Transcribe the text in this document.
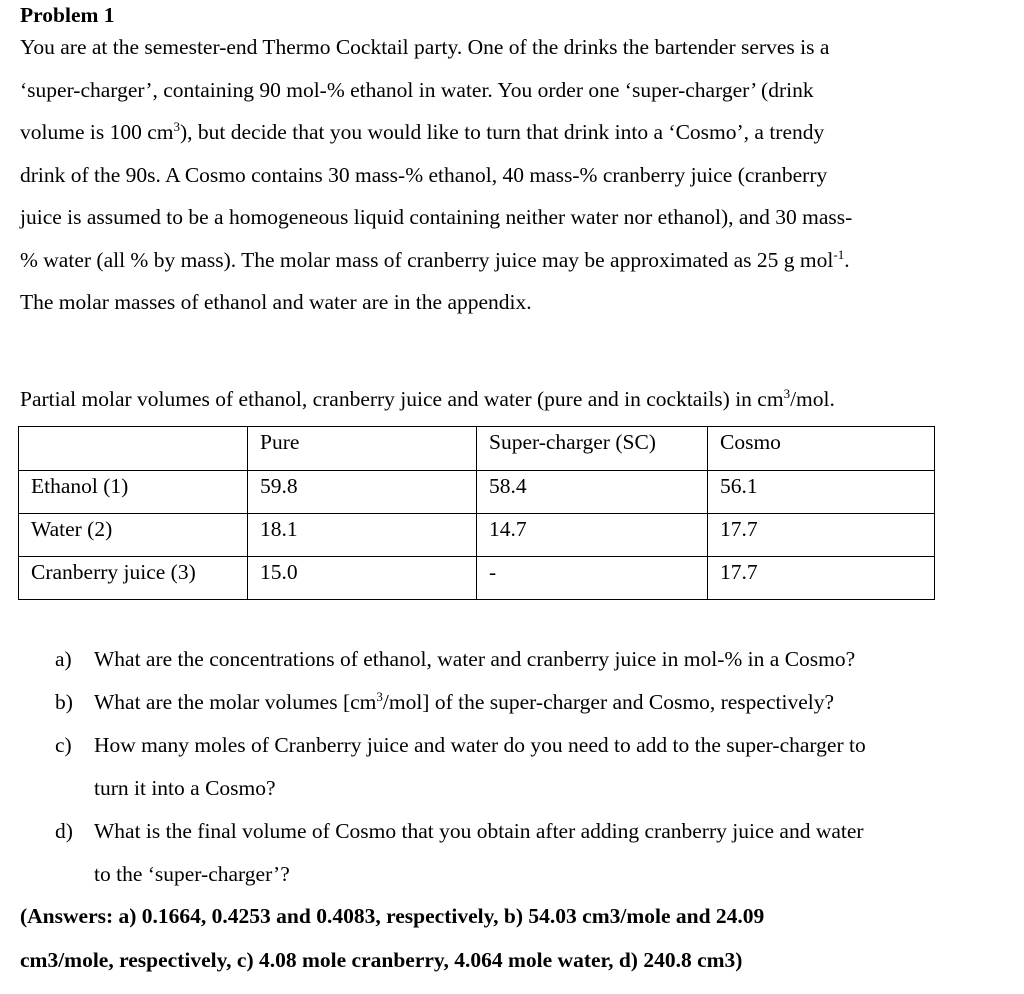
Problem 1
You are at the semester-end Thermo Cocktail party. One of the drinks the bartender serves is a
‘super-charger’, containing 90 mol-% ethanol in water. You order one ‘super-charger’ (drink
volume is 100 $cm^3$), but decide that you would like to turn that drink into a ‘Cosmo’, a trendy
drink of the 90s. A Cosmo contains 30 mass-% ethanol, 40 mass-% cranberry juice (cranberry
juice is assumed to be a homogeneous liquid containing neither water nor ethanol), and 30 mass-
% water (all % by mass). The molar mass of cranberry juice may be approximated as 25 g mol$^{-1}$.
The molar masses of ethanol and water are in the appendix.
Partial molar volumes of ethanol, cranberry juice and water (pure and in cocktails) in $cm^3$/mol.
	Pure	Super-charger (SC)	Cosmo
Ethanol (1)	59.8	58.4	56.1
Water (2)	18.1	14.7	17.7
Cranberry juice (3)	15.0	-	17.7
a) What are the concentrations of ethanol, water and cranberry juice in mol-% in a Cosmo?
b) What are the molar volumes $[cm^3/mol]$ of the super-charger and Cosmo, respectively?
c) How many moles of Cranberry juice and water do you need to add to the super-charger to
turn it into a Cosmo?
d) What is the final volume of Cosmo that you obtain after adding cranberry juice and water
to the ‘super-charger’?
(Answers: a) 0.1664, 0.4253 and 0.4083, respectively, b) 54.03 cm3/mole and 24.09
cm3/mole, respectively, c) 4.08 mole cranberry, 4.064 mole water, d) 240.8 cm3)
